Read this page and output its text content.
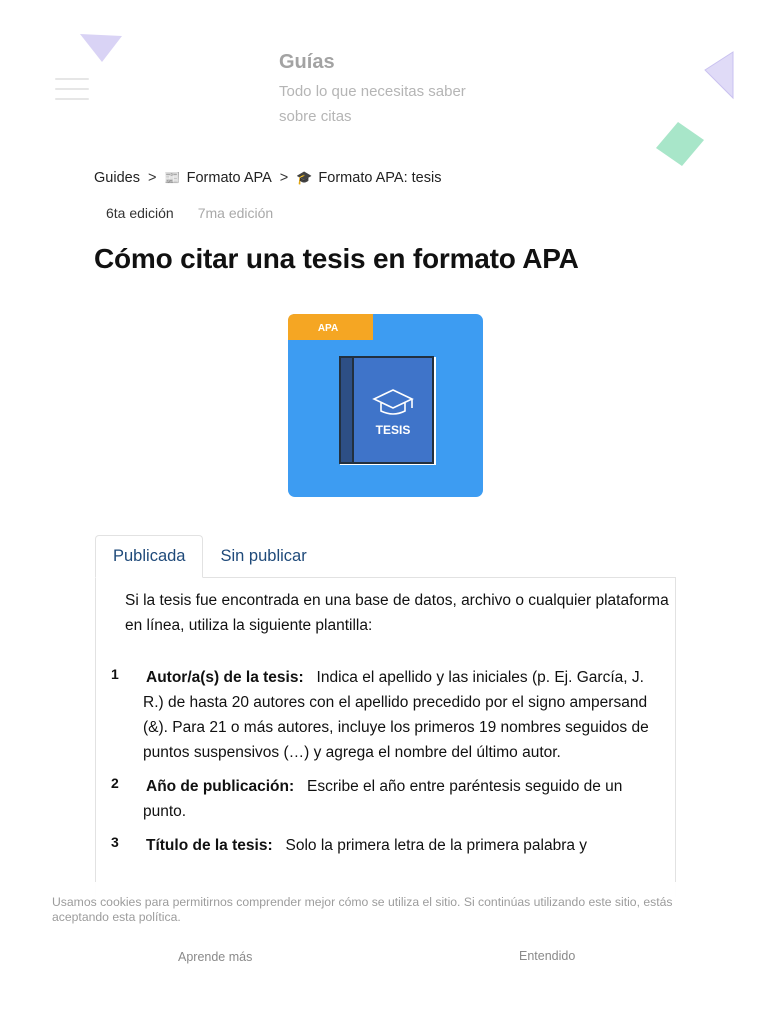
Guías
Todo lo que necesitas saber sobre citas
Guides > 📰 Formato APA > 🎓 Formato APA: tesis
6ta edición 7ma edición
Cómo citar una tesis en formato APA
APA
TESIS
Publicada	Sin publicar

Si la tesis fue encontrada en una base de datos, archivo o cualquier plataforma en línea, utiliza la siguiente plantilla:

1 Autor/a(s) de la tesis: Indica el apellido y las iniciales (p. Ej. García, J. R.) de hasta 20 autores con el apellido precedido por el signo ampersand (&). Para 21 o más autores, incluye los primeros 19 nombres seguidos de puntos suspensivos (…) y agrega el nombre del último autor.
2 Año de publicación: Escribe el año entre paréntesis seguido de un punto.
3 Título de la tesis: Solo la primera letra de la primera palabra y

Usamos cookies para permitirnos comprender mejor cómo se utiliza el sitio. Si continúas utilizando este sitio, estás aceptando esta política.

Aprende más	Entendido
